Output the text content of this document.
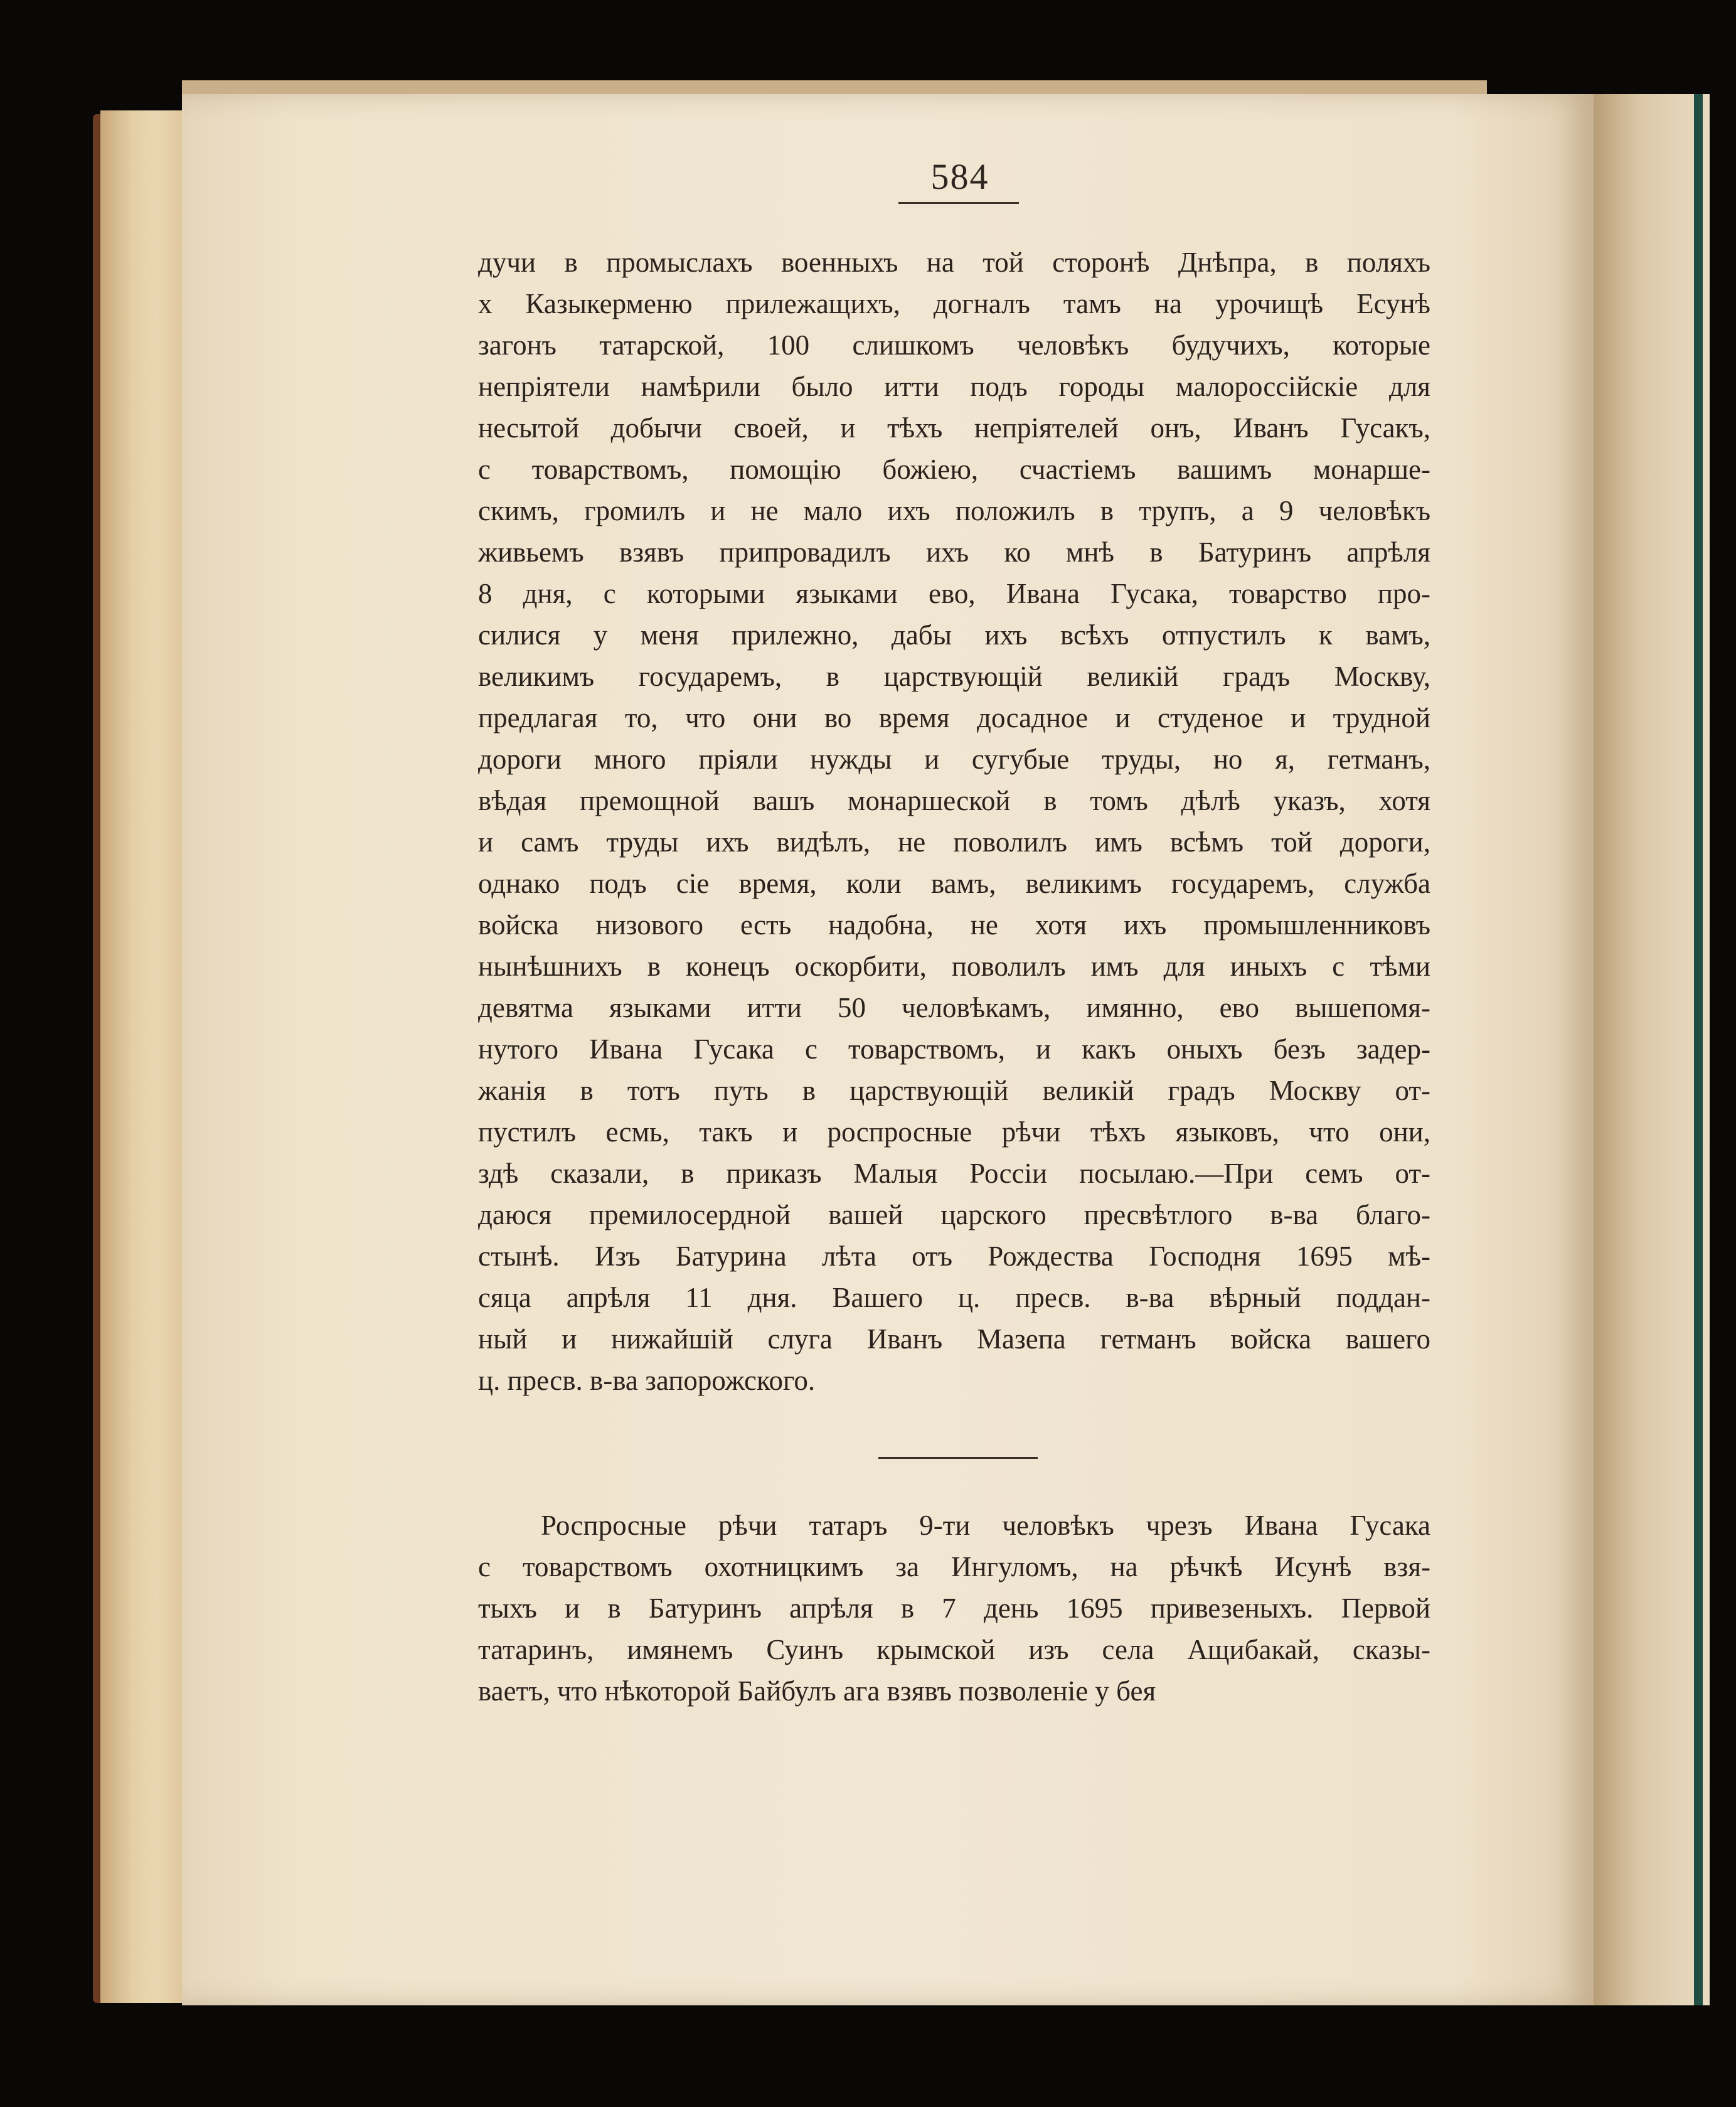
584
дучи в промыслахъ военныхъ на той сторонѣ Днѣпра, в поляхъ
х Казыкерменю прилежащихъ, догналъ тамъ на урочищѣ Есунѣ
загонъ татарской, 100 слишкомъ человѣкъ будучихъ, которые
непріятели намѣрили было итти подъ городы малороссійскіе для
несытой добычи своей, и тѣхъ непріятелей онъ, Иванъ Гусакъ,
с товарствомъ, помощію божіею, счастіемъ вашимъ монарше-
скимъ, громилъ и не мало ихъ положилъ в трупъ, а 9 человѣкъ
живьемъ взявъ припровадилъ ихъ ко мнѣ в Батуринъ апрѣля
8 дня, с которыми языками ево, Ивана Гусака, товарство про-
силися у меня прилежно, дабы ихъ всѣхъ отпустилъ к вамъ,
великимъ государемъ, в царствующій великій градъ Москву,
предлагая то, что они во время досадное и студеное и трудной
дороги много пріяли нужды и сугубые труды, но я, гетманъ,
вѣдая премощной вашъ монаршеской в томъ дѣлѣ указъ, хотя
и самъ труды ихъ видѣлъ, не поволилъ имъ всѣмъ той дороги,
однако подъ сіе время, коли вамъ, великимъ государемъ, служба
войска низового есть надобна, не хотя ихъ промышленниковъ
нынѣшнихъ в конецъ оскорбити, поволилъ имъ для иныхъ с тѣми
девятма языками итти 50 человѣкамъ, имянно, ево вышепомя-
нутого Ивана Гусака с товарствомъ, и какъ оныхъ безъ задер-
жанія в тотъ путь в царствующій великій градъ Москву от-
пустилъ есмь, такъ и роспросные рѣчи тѣхъ языковъ, что они,
здѣ сказали, в приказъ Малыя Россіи посылаю.—При семъ от-
даюся премилосердной вашей царского пресвѣтлого в-ва благо-
стынѣ. Изъ Батурина лѣта отъ Рождества Господня 1695 мѣ-
сяца апрѣля 11 дня. Вашего ц. пресв. в-ва вѣрный поддан-
ный и нижайшій слуга Иванъ Мазепа гетманъ войска вашего
ц. пресв. в-ва запорожского.
Роспросные рѣчи татаръ 9-ти человѣкъ чрезъ Ивана Гусака
с товарствомъ охотницкимъ за Ингуломъ, на рѣчкѣ Исунѣ взя-
тыхъ и в Батуринъ апрѣля в 7 день 1695 привезеныхъ. Первой
татаринъ, имянемъ Суинъ крымской изъ села Ащибакай, сказы-
ваетъ, что нѣкоторой Байбулъ ага взявъ позволеніе у бея
